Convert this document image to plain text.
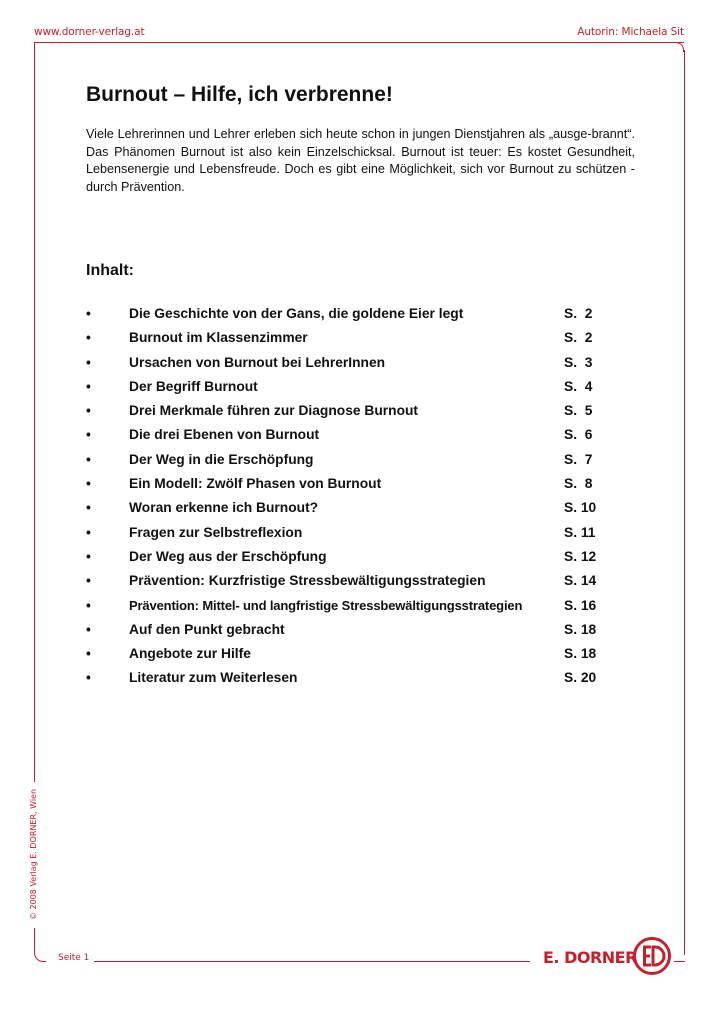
www.dorner-verlag.at	Autorin: Michaela Sit
Burnout – Hilfe, ich verbrenne!

Viele Lehrerinnen und Lehrer erleben sich heute schon in jungen Dienstjahren als „ausge-brannt“. Das Phänomen Burnout ist also kein Einzelschicksal. Burnout ist teuer: Es kostet Gesundheit, Lebensenergie und Lebensfreude. Doch es gibt eine Möglichkeit, sich vor Burnout zu schützen - durch Prävention.

Inhalt:
•	Die Geschichte von der Gans, die goldene Eier legt	S.  2
•	Burnout im Klassenzimmer	S.  2
•	Ursachen von Burnout bei LehrerInnen	S.  3
•	Der Begriff Burnout	S.  4
•	Drei Merkmale führen zur Diagnose Burnout	S.  5
•	Die drei Ebenen von Burnout	S.  6
•	Der Weg in die Erschöpfung	S.  7
•	Ein Modell: Zwölf Phasen von Burnout	S.  8
•	Woran erkenne ich Burnout?	S. 10
•	Fragen zur Selbstreflexion	S. 11
•	Der Weg aus der Erschöpfung	S. 12
•	Prävention: Kurzfristige Stressbewältigungsstrategien	S. 14
•	Prävention: Mittel- und langfristige Stressbewältigungsstrategien	S. 16
•	Auf den Punkt gebracht	S. 18
•	Angebote zur Hilfe	S. 18
•	Literatur zum Weiterlesen	S. 20
© 2008 Verlag E. DORNER, Wien
Seite 1	E. DORNER
